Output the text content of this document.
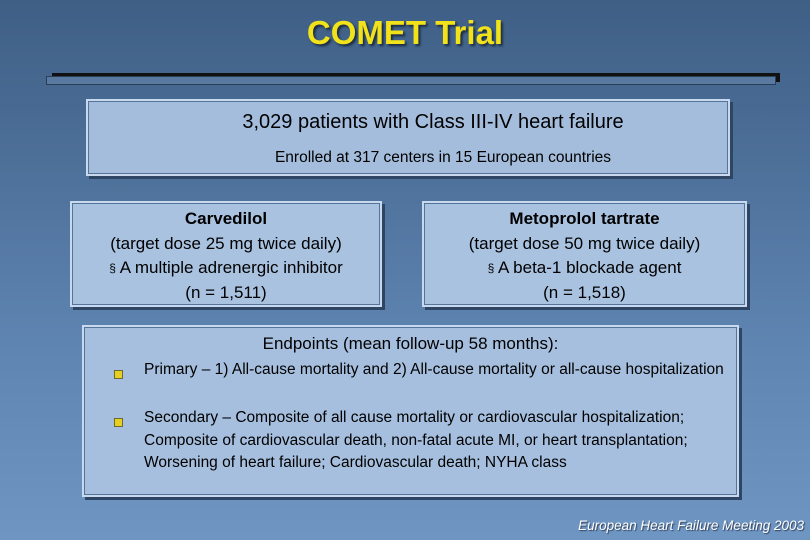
COMET Trial
3,029 patients with Class III-IV heart failure
Enrolled at 317 centers in 15 European countries
Carvedilol
(target dose 25 mg twice daily)
§ A multiple adrenergic inhibitor
(n = 1,511)
Metoprolol tartrate
(target dose 50 mg twice daily)
§ A beta-1 blockade agent
(n = 1,518)
Endpoints (mean follow-up 58 months):
Primary – 1) All-cause mortality and 2) All-cause mortality or all-cause hospitalization
Secondary – Composite of all cause mortality or cardiovascular hospitalization; Composite of cardiovascular death, non-fatal acute MI, or heart transplantation; Worsening of heart failure; Cardiovascular death; NYHA class
European Heart Failure Meeting 2003
